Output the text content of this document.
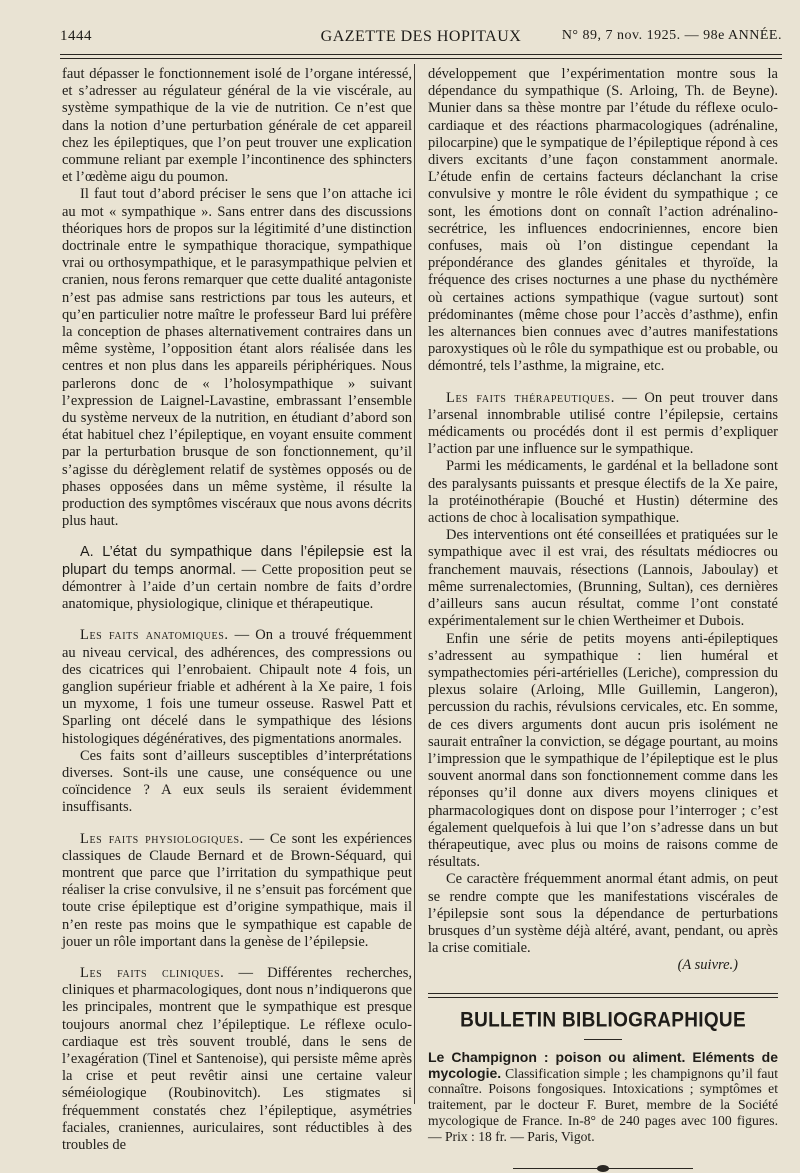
1444	GAZETTE DES HOPITAUX	N° 89, 7 nov. 1925. — 98e ANNÉE.

faut dépasser le fonctionnement isolé de l’organe intéressé, et s’adresser au régulateur général de la vie viscérale, au système sympathique de la vie de nutrition. Ce n’est que dans la notion d’une perturbation générale de cet appareil chez les épileptiques, que l’on peut trouver une explication commune reliant par exemple l’incontinence des sphincters et l’œdème aigu du poumon.

Il faut tout d’abord préciser le sens que l’on attache ici au mot « sympathique ». Sans entrer dans des discussions théoriques hors de propos sur la légitimité d’une distinction doctrinale entre le sympathique thoracique, sympathique vrai ou orthosympathique, et le parasympathique pelvien et cranien, nous ferons remarquer que cette dualité antagoniste n’est pas admise sans restrictions par tous les auteurs, et qu’en particulier notre maître le professeur Bard lui préfère la conception de phases alternativement contraires dans un même système, l’opposition étant alors réalisée dans les centres et non plus dans les appareils périphériques. Nous parlerons donc de « l’holosympathique » suivant l’expression de Laignel-Lavastine, embrassant l’ensemble du système nerveux de la nutrition, en étudiant d’abord son état habituel chez l’épileptique, en voyant ensuite comment par la perturbation brusque de son fonctionnement, qu’il s’agisse du dérèglement relatif de systèmes opposés ou de phases opposées dans un même système, il résulte la production des symptômes viscéraux que nous avons décrits plus haut.

A. L’état du sympathique dans l’épilepsie est la plupart du temps anormal. — Cette proposition peut se démontrer à l’aide d’un certain nombre de faits d’ordre anatomique, physiologique, clinique et thérapeutique.

Les faits anatomiques. — On a trouvé fréquemment au niveau cervical, des adhérences, des compressions ou des cicatrices qui l’enrobaient. Chipault note 4 fois, un ganglion supérieur friable et adhérent à la Xe paire, 1 fois un myxome, 1 fois une tumeur osseuse. Raswel Patt et Sparling ont décelé dans le sympathique des lésions histologiques dégénératives, des pigmentations anormales.

Ces faits sont d’ailleurs susceptibles d’interprétations diverses. Sont-ils une cause, une conséquence ou une coïncidence ? A eux seuls ils seraient évidemment insuffisants.

Les faits physiologiques. — Ce sont les expériences classiques de Claude Bernard et de Brown-Séquard, qui montrent que parce que l’irritation du sympathique peut réaliser la crise convulsive, il ne s’ensuit pas forcément que toute crise épileptique est d’origine sympathique, mais il n’en reste pas moins que le sympathique est capable de jouer un rôle important dans la genèse de l’épilepsie.

Les faits cliniques. — Différentes recherches, cliniques et pharmacologiques, dont nous n’indiquerons que les principales, montrent que le sympathique est presque toujours anormal chez l’épileptique. Le réflexe oculo-cardiaque est très souvent troublé, dans le sens de l’exagération (Tinel et Santenoise), qui persiste même après la crise et peut revêtir ainsi une certaine valeur séméiologique (Roubinovitch). Les stigmates si fréquemment constatés chez l’épileptique, asymétries faciales, craniennes, auriculaires, sont réductibles à des troubles de

développement que l’expérimentation montre sous la dépendance du sympathique (S. Arloing, Th. de Beyne). Munier dans sa thèse montre par l’étude du réflexe oculo-cardiaque et des réactions pharmacologiques (adrénaline, pilocarpine) que le sympatique de l’épileptique répond à ces divers excitants d’une façon constamment anormale. L’étude enfin de certains facteurs déclanchant la crise convulsive y montre le rôle évident du sympathique ; ce sont, les émotions dont on connaît l’action adrénalino-secrétrice, les influences endocriniennes, encore bien confuses, mais où l’on distingue cependant la prépondérance des glandes génitales et thyroïde, la fréquence des crises nocturnes a une phase du nycthémère où certaines actions sympathique (vague surtout) sont prédominantes (même chose pour l’accès d’asthme), enfin les alternances bien connues avec d’autres manifestations paroxystiques où le rôle du sympathique est ou probable, ou démontré, tels l’asthme, la migraine, etc.

Les faits thérapeutiques. — On peut trouver dans l’arsenal innombrable utilisé contre l’épilepsie, certains médicaments ou procédés dont il est permis d’expliquer l’action par une influence sur le sympathique.

Parmi les médicaments, le gardénal et la belladone sont des paralysants puissants et presque électifs de la Xe paire, la protéinothérapie (Bouché et Hustin) détermine des actions de choc à localisation sympathique.

Des interventions ont été conseillées et pratiquées sur le sympathique avec il est vrai, des résultats médiocres ou franchement mauvais, résections (Lannois, Jaboulay) et même surrenalectomies, (Brunning, Sultan), ces dernières d’ailleurs sans aucun résultat, comme l’ont constaté expérimentalement sur le chien Wertheimer et Dubois.

Enfin une série de petits moyens anti-épileptiques s’adressent au sympathique : lien huméral et sympathectomies péri-artérielles (Leriche), compression du plexus solaire (Arloing, Mlle Guillemin, Langeron), percussion du rachis, révulsions cervicales, etc. En somme, de ces divers arguments dont aucun pris isolément ne saurait entraîner la conviction, se dégage pourtant, au moins l’impression que le sympathique de l’épileptique est le plus souvent anormal dans son fonctionnement comme dans les réponses qu’il donne aux divers moyens cliniques et pharmacologiques dont on dispose pour l’interroger ; c’est également quelquefois à lui que l’on s’adresse dans un but thérapeutique, avec plus ou moins de raisons comme de résultats.

Ce caractère fréquemment anormal étant admis, on peut se rendre compte que les manifestations viscérales de l’épilepsie sont sous la dépendance de perturbations brusques d’un système déjà altéré, avant, pendant, ou après la crise comitiale.

(A suivre.)

BULLETIN BIBLIOGRAPHIQUE

Le Champignon : poison ou aliment. Eléments de mycologie. Classification simple ; les champignons qu’il faut connaître. Poisons fongosiques. Intoxications ; symptômes et traitement, par le docteur F. Buret, membre de la Société mycologique de France. In-8° de 240 pages avec 100 figures. — Prix : 18 fr. — Paris, Vigot.
